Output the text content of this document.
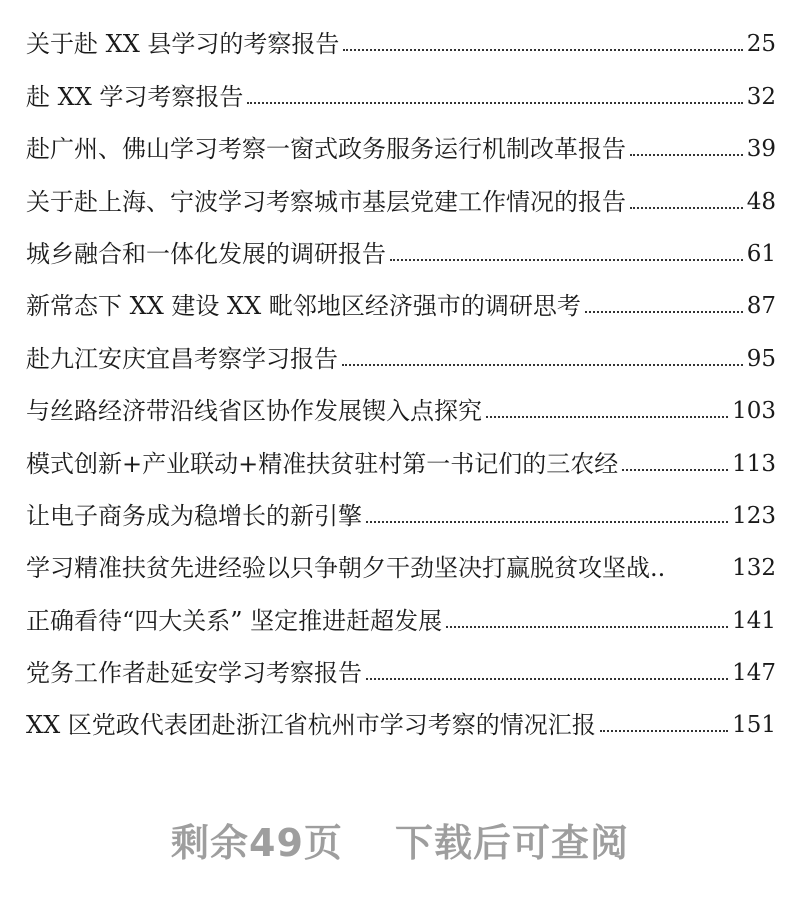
关于赴 XX 县学习的考察报告	25
赴 XX 学习考察报告	32
赴广州、佛山学习考察一窗式政务服务运行机制改革报告	39
关于赴上海、宁波学习考察城市基层党建工作情况的报告	48
城乡融合和一体化发展的调研报告	61
新常态下 XX 建设 XX 毗邻地区经济强市的调研思考	87
赴九江安庆宜昌考察学习报告	95
与丝路经济带沿线省区协作发展锲入点探究	103
模式创新+产业联动+精准扶贫驻村第一书记们的三农经	113
让电子商务成为稳增长的新引擎	123
学习精准扶贫先进经验以只争朝夕干劲坚决打赢脱贫攻坚战..	132
正确看待“四大关系” 坚定推进赶超发展	141
党务工作者赴延安学习考察报告	147
XX 区党政代表团赴浙江省杭州市学习考察的情况汇报	151
剩余49页 下载后可查阅
